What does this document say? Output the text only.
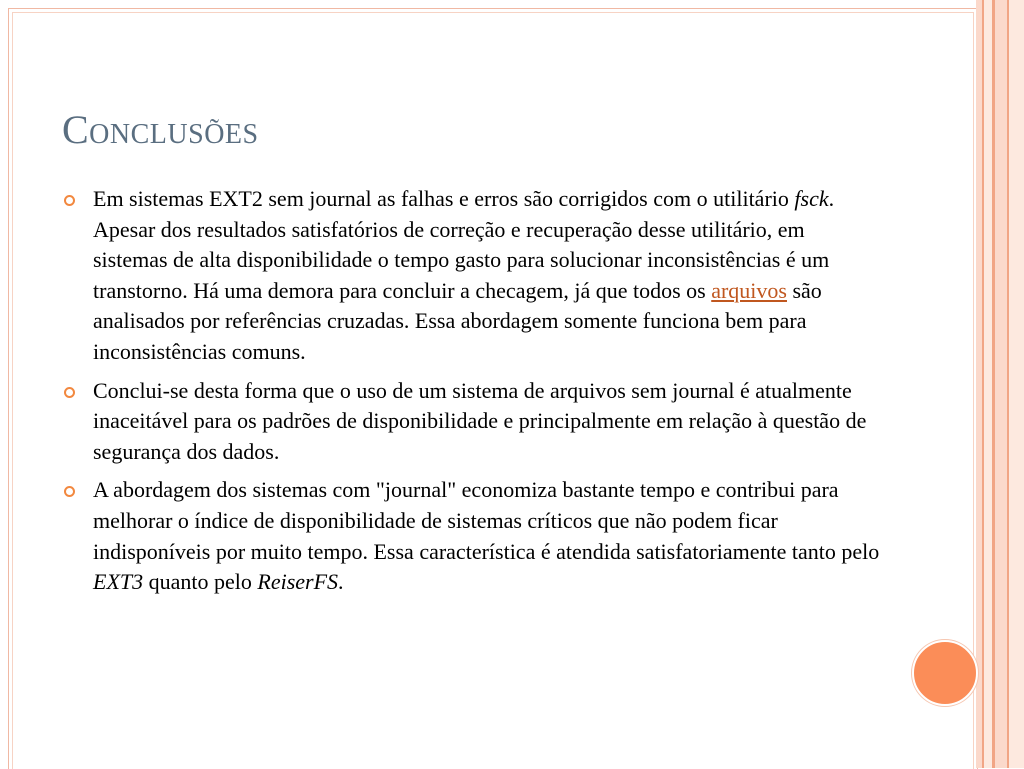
Conclusões
Em sistemas EXT2 sem journal as falhas e erros são corrigidos com o utilitário fsck. Apesar dos resultados satisfatórios de correção e recuperação desse utilitário, em sistemas de alta disponibilidade o tempo gasto para solucionar inconsistências é um transtorno. Há uma demora para concluir a checagem, já que todos os arquivos são analisados por referências cruzadas. Essa abordagem somente funciona bem para inconsistências comuns.
Conclui-se desta forma que o uso de um sistema de arquivos sem journal é atualmente inaceitável para os padrões de disponibilidade e principalmente em relação à questão de segurança dos dados.
A abordagem dos sistemas com "journal" economiza bastante tempo e contribui para melhorar o índice de disponibilidade de sistemas críticos que não podem ficar indisponíveis por muito tempo. Essa característica é atendida satisfatoriamente tanto pelo EXT3 quanto pelo ReiserFS.
